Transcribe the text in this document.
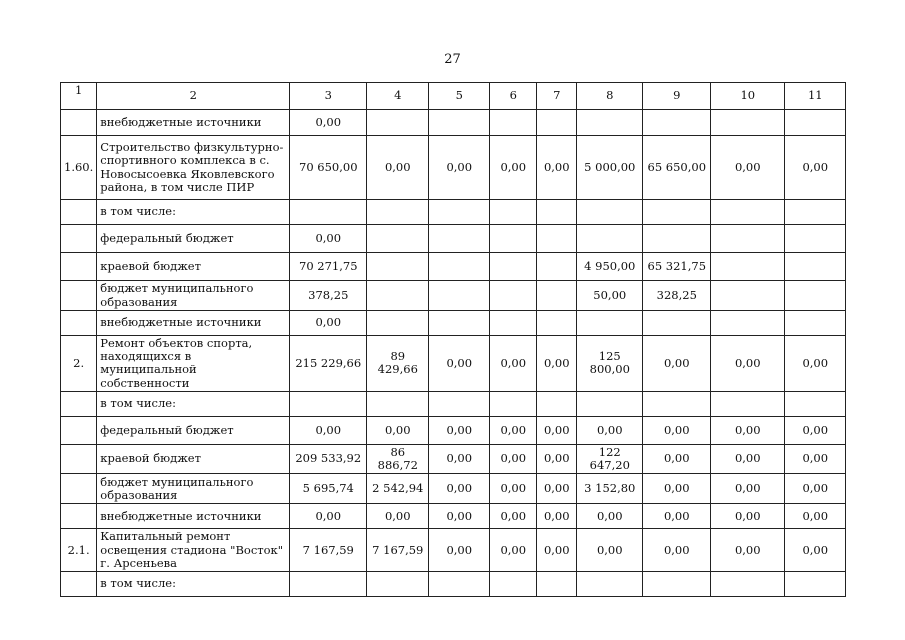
27
1	2	3	4	5	6	7	8	9	10	11
	внебюджетные источники	0,00								
1.60.	Строительство физкультурно-спортивного комплекса в с. Новосысоевка Яковлевского района, в том числе ПИР	70 650,00	0,00	0,00	0,00	0,00	5 000,00	65 650,00	0,00	0,00
	в том числе:									
	федеральный бюджет	0,00								
	краевой бюджет	70 271,75					4 950,00	65 321,75		
	бюджет муниципального образования	378,25					50,00	328,25		
	внебюджетные источники	0,00								
2.	Ремонт объектов спорта, находящихся в муниципальной собственности	215 229,66	89 429,66	0,00	0,00	0,00	125 800,00	0,00	0,00	0,00
	в том числе:									
	федеральный бюджет	0,00	0,00	0,00	0,00	0,00	0,00	0,00	0,00	0,00
	краевой бюджет	209 533,92	86 886,72	0,00	0,00	0,00	122 647,20	0,00	0,00	0,00
	бюджет муниципального образования	5 695,74	2 542,94	0,00	0,00	0,00	3 152,80	0,00	0,00	0,00
	внебюджетные источники	0,00	0,00	0,00	0,00	0,00	0,00	0,00	0,00	0,00
2.1.	Капитальный ремонт освещения стадиона "Восток" г. Арсеньева	7 167,59	7 167,59	0,00	0,00	0,00	0,00	0,00	0,00	0,00
	в том числе:									
